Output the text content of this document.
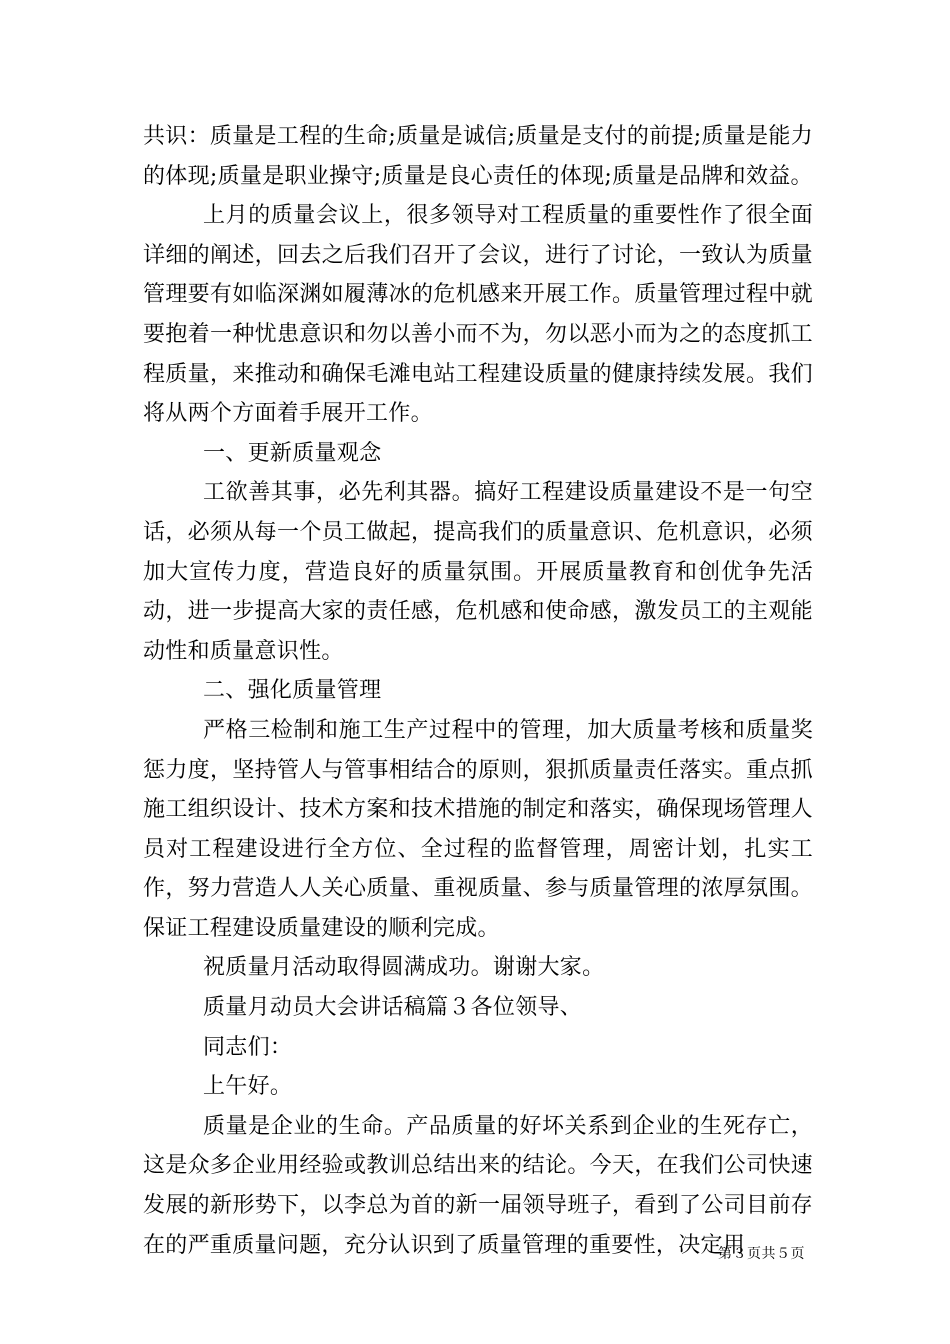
共识：质量是工程的生命;质量是诚信;质量是支付的前提;质量是能力的体现;质量是职业操守;质量是良心责任的体现;质量是品牌和效益。

上月的质量会议上，很多领导对工程质量的重要性作了很全面详细的阐述，回去之后我们召开了会议，进行了讨论，一致认为质量管理要有如临深渊如履薄冰的危机感来开展工作。质量管理过程中就要抱着一种忧患意识和勿以善小而不为，勿以恶小而为之的态度抓工程质量，来推动和确保毛滩电站工程建设质量的健康持续发展。我们将从两个方面着手展开工作。

一、更新质量观念

工欲善其事，必先利其器。搞好工程建设质量建设不是一句空话，必须从每一个员工做起，提高我们的质量意识、危机意识，必须加大宣传力度，营造良好的质量氛围。开展质量教育和创优争先活动，进一步提高大家的责任感，危机感和使命感，激发员工的主观能动性和质量意识性。

二、强化质量管理

严格三检制和施工生产过程中的管理，加大质量考核和质量奖惩力度，坚持管人与管事相结合的原则，狠抓质量责任落实。重点抓施工组织设计、技术方案和技术措施的制定和落实，确保现场管理人员对工程建设进行全方位、全过程的监督管理，周密计划，扎实工作，努力营造人人关心质量、重视质量、参与质量管理的浓厚氛围。保证工程建设质量建设的顺利完成。

祝质量月活动取得圆满成功。谢谢大家。

质量月动员大会讲话稿篇３各位领导、

同志们：

上午好。

质量是企业的生命。产品质量的好坏关系到企业的生死存亡，这是众多企业用经验或教训总结出来的结论。今天，在我们公司快速发展的新形势下，以李总为首的新一届领导班子，看到了公司目前存在的严重质量问题，充分认识到了质量管理的重要性，决定用

第３页共５页
